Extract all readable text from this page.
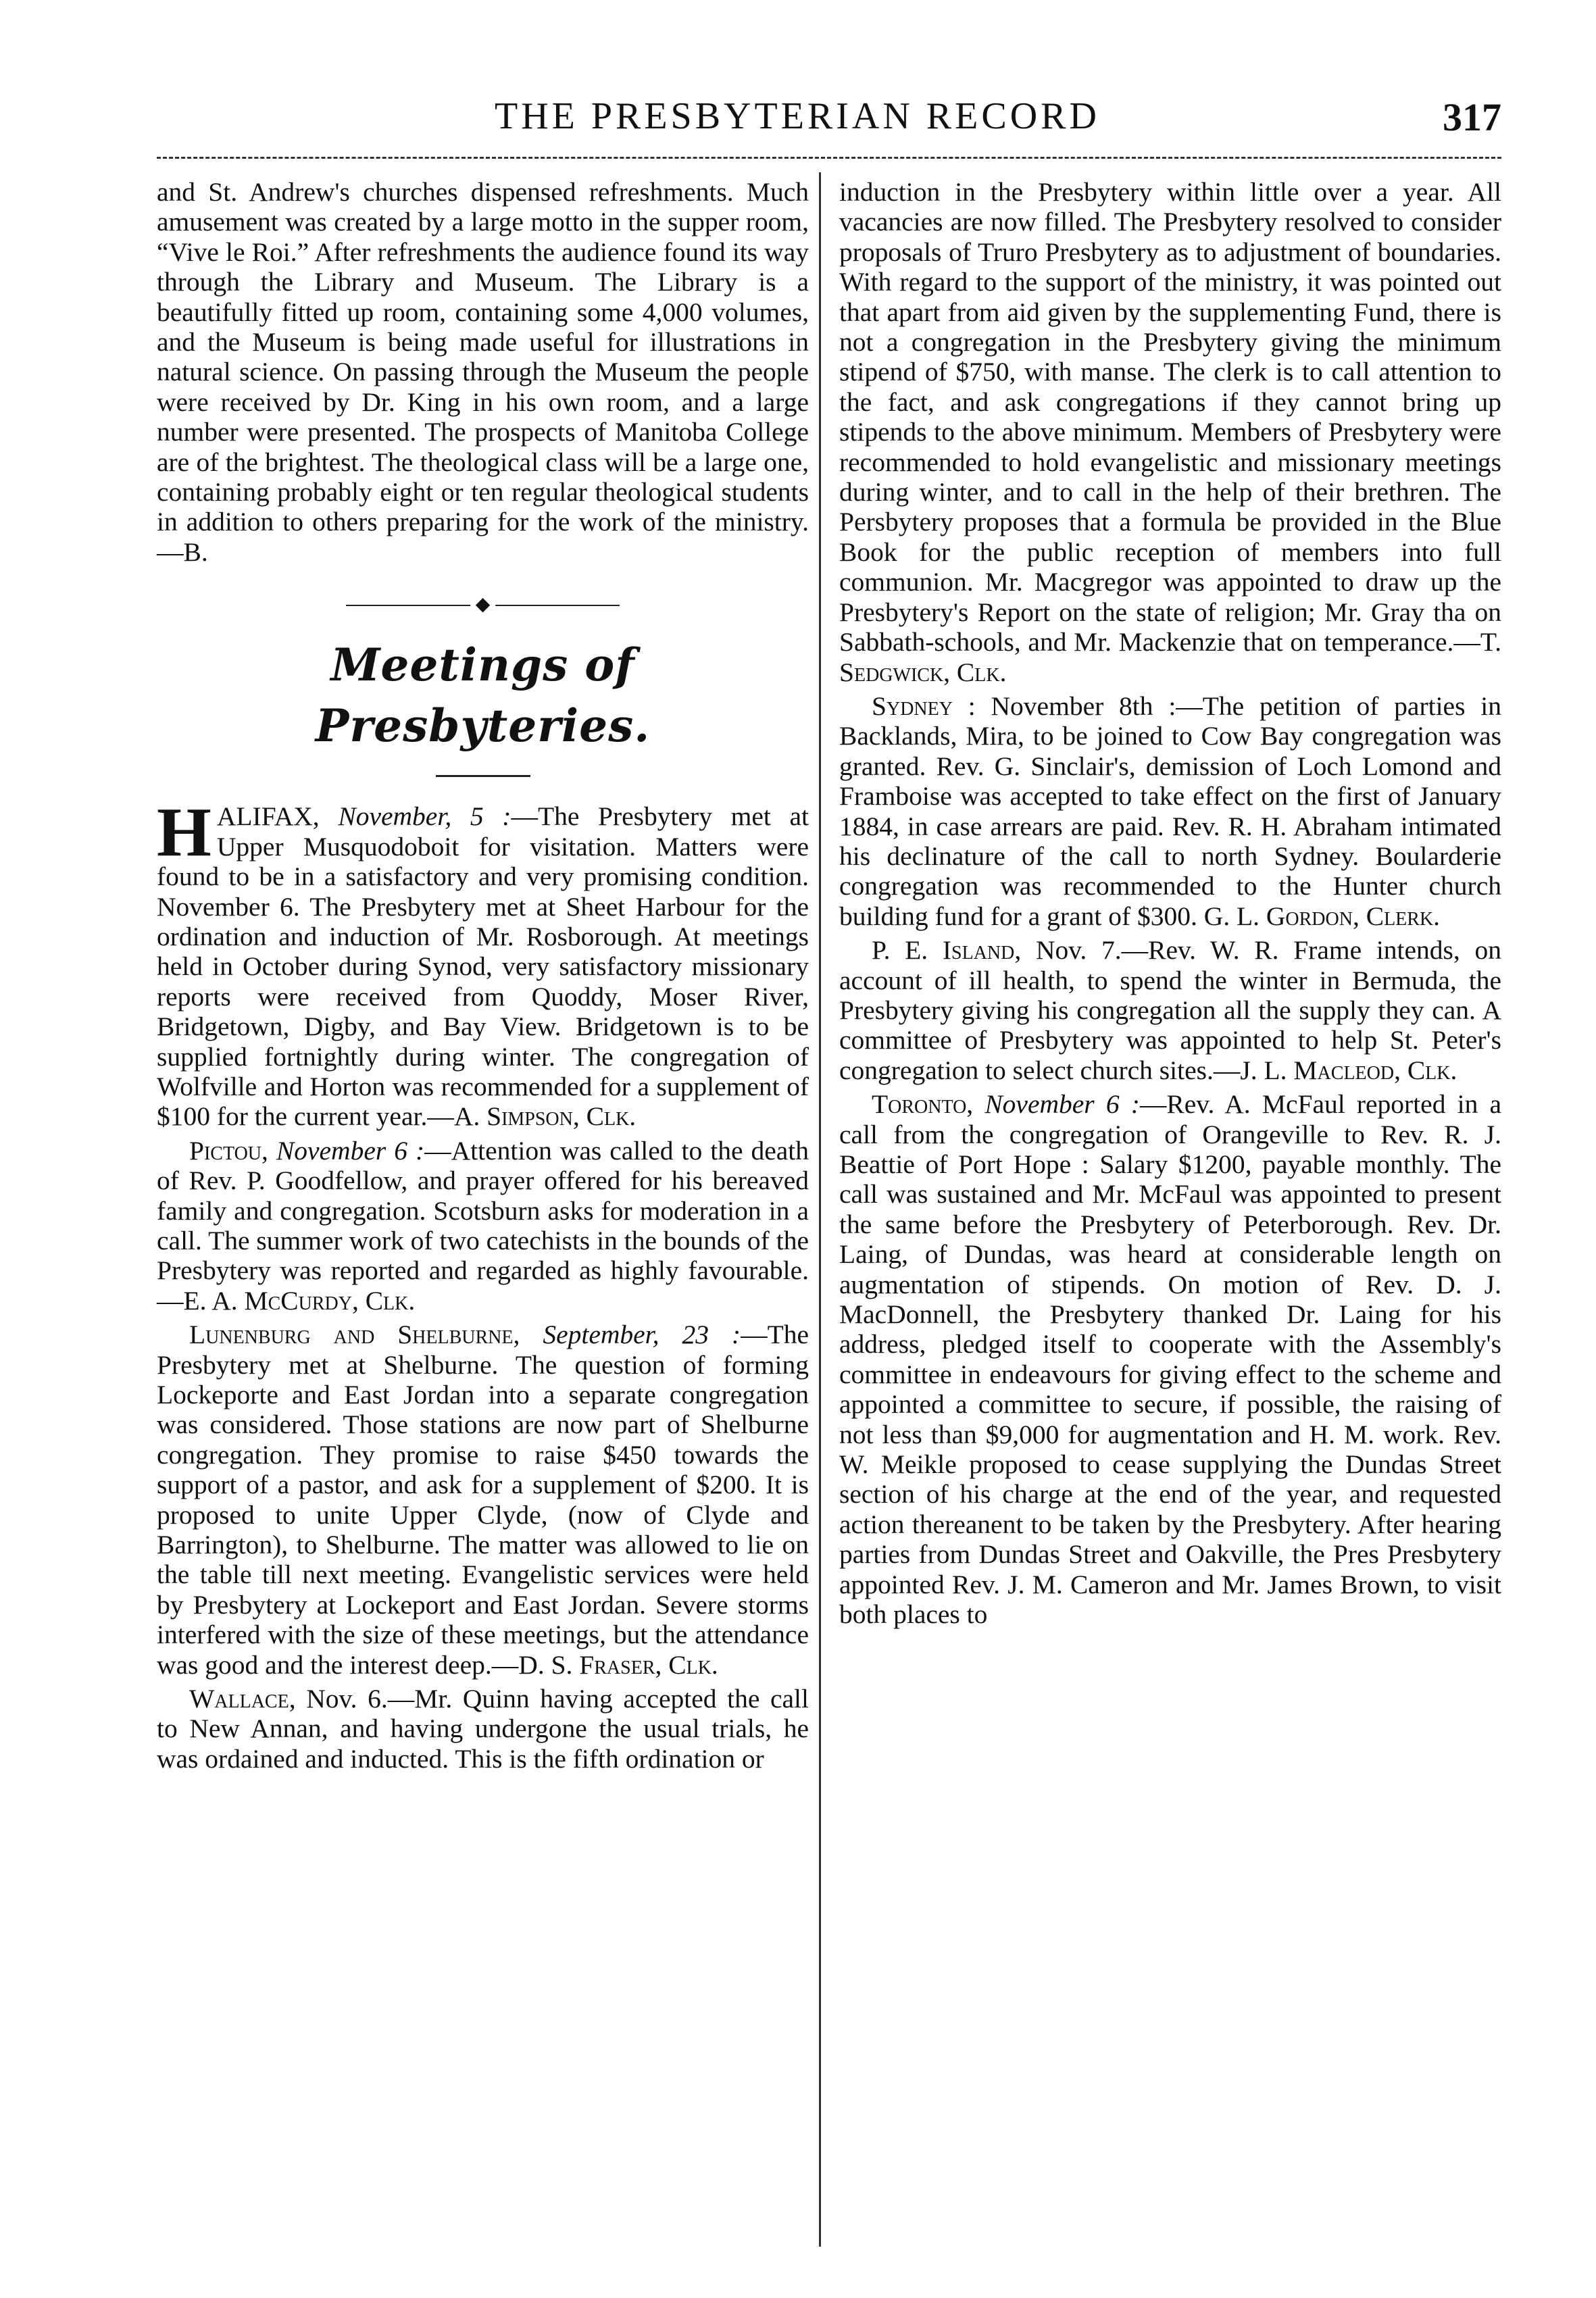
THE PRESBYTERIAN RECORD	317

and St. Andrew's churches dispensed refreshments. Much amusement was created by a large motto in the supper room, “Vive le Roi.” After refreshments the audience found its way through the Library and Museum. The Library is a beautifully fitted up room, containing some 4,000 volumes, and the Museum is being made useful for illustrations in natural science. On passing through the Museum the people were received by Dr. King in his own room, and a large number were presented. The prospects of Manitoba College are of the brightest. The theological class will be a large one, containing probably eight or ten regular theological students in addition to others preparing for the work of the ministry.—B.

◆
Meetings of Presbyteries.

HALIFAX, November, 5 :—The Presbytery met at Upper Musquodoboit for visitation. Matters were found to be in a satisfactory and very promising condition. November 6. The Presbytery met at Sheet Harbour for the ordination and induction of Mr. Rosborough. At meetings held in October during Synod, very satisfactory missionary reports were received from Quoddy, Moser River, Bridgetown, Digby, and Bay View. Bridgetown is to be supplied fortnightly during winter. The congregation of Wolfville and Horton was recommended for a supplement of $100 for the current year.—A. Simpson, Clk.

Pictou, November 6 :—Attention was called to the death of Rev. P. Goodfellow, and prayer offered for his bereaved family and congregation. Scotsburn asks for moderation in a call. The summer work of two catechists in the bounds of the Presbytery was reported and regarded as highly favourable.—E. A. McCurdy, Clk.

Lunenburg and Shelburne, September, 23 :—The Presbytery met at Shelburne. The question of forming Lockeporte and East Jordan into a separate congregation was considered. Those stations are now part of Shelburne congregation. They promise to raise $450 towards the support of a pastor, and ask for a supplement of $200. It is proposed to unite Upper Clyde, (now of Clyde and Barrington), to Shelburne. The matter was allowed to lie on the table till next meeting. Evangelistic services were held by Presbytery at Lockeport and East Jordan. Severe storms interfered with the size of these meetings, but the attendance was good and the interest deep.—D. S. Fraser, Clk.

Wallace, Nov. 6.—Mr. Quinn having accepted the call to New Annan, and having undergone the usual trials, he was ordained and inducted. This is the fifth ordination or

induction in the Presbytery within little over a year. All vacancies are now filled. The Presbytery resolved to consider proposals of Truro Presbytery as to adjustment of boundaries. With regard to the support of the ministry, it was pointed out that apart from aid given by the supplementing Fund, there is not a congregation in the Presbytery giving the minimum stipend of $750, with manse. The clerk is to call attention to the fact, and ask congregations if they cannot bring up stipends to the above minimum. Members of Presbytery were recommended to hold evangelistic and missionary meetings during winter, and to call in the help of their brethren. The Persbytery proposes that a formula be provided in the Blue Book for the public reception of members into full communion. Mr. Macgregor was appointed to draw up the Presbytery's Report on the state of religion; Mr. Gray tha on Sabbath-schools, and Mr. Mackenzie that on temperance.—T. Sedgwick, Clk.

Sydney : November 8th :—The petition of parties in Backlands, Mira, to be joined to Cow Bay congregation was granted. Rev. G. Sinclair's, demission of Loch Lomond and Framboise was accepted to take effect on the first of January 1884, in case arrears are paid. Rev. R. H. Abraham intimated his declinature of the call to north Sydney. Boularderie congregation was recommended to the Hunter church building fund for a grant of $300. G. L. Gordon, Clerk.

P. E. Island, Nov. 7.—Rev. W. R. Frame intends, on account of ill health, to spend the winter in Bermuda, the Presbytery giving his congregation all the supply they can. A committee of Presbytery was appointed to help St. Peter's congregation to select church sites.—J. L. Macleod, Clk.

Toronto, November 6 :—Rev. A. McFaul reported in a call from the congregation of Orangeville to Rev. R. J. Beattie of Port Hope : Salary $1200, payable monthly. The call was sustained and Mr. McFaul was appointed to present the same before the Presbytery of Peterborough. Rev. Dr. Laing, of Dundas, was heard at considerable length on augmentation of stipends. On motion of Rev. D. J. MacDonnell, the Presbytery thanked Dr. Laing for his address, pledged itself to cooperate with the Assembly's committee in endeavours for giving effect to the scheme and appointed a committee to secure, if possible, the raising of not less than $9,000 for augmentation and H. M. work. Rev. W. Meikle proposed to cease supplying the Dundas Street section of his charge at the end of the year, and requested action thereanent to be taken by the Presbytery. After hearing parties from Dundas Street and Oakville, the Pres Presbytery appointed Rev. J. M. Cameron and Mr. James Brown, to visit both places to
